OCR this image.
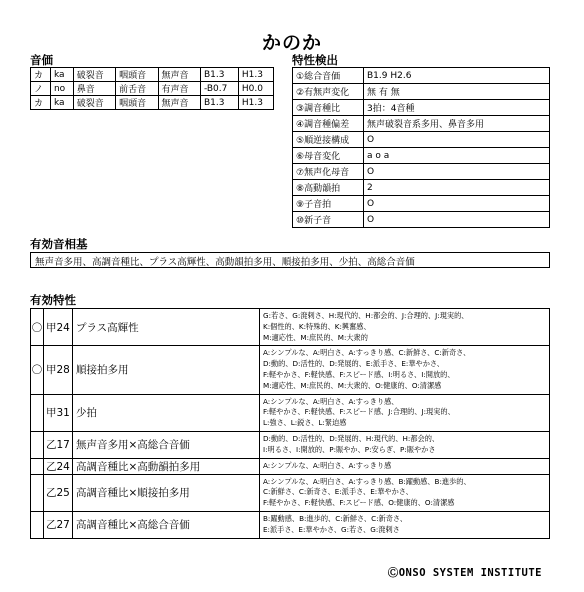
かのか
音価
カ	ka	破裂音	咽頭音	無声音	B1.3	H1.3
ノ	no	鼻音	前舌音	有声音	-B0.7	H0.0
カ	ka	破裂音	咽頭音	無声音	B1.3	H1.3
特性検出
①総合音価	B1.9 H2.6
②有無声変化	無 有 無
③調音種比	3拍：4音種
④調音種偏差	無声破裂音系多用、鼻音多用
⑤順逆接構成	O
⑥母音変化	a o a
⑦無声化母音	O
⑧高動韻拍	2
⑨子音拍	O
⑩新子音	O
有効音相基
無声音多用、高調音種比、プラス高輝性、高動韻拍多用、順接拍多用、少拍、高総合音価
有効特性
〇	甲24	プラス高輝性	G:若さ、G:溌剌さ、H:現代的、H:都会的、J:合理的、J:現実的、
K:個性的、K:特殊的、K:興奮感、
M:適応性、M:庶民的、M:大衆的

〇	甲28	順接拍多用	A:シンプルな、A:明白さ、A:すっきり感、C:新鮮さ、C:新奇さ、
D:動的、D:活性的、D:発展的、E:派手さ、E:華やかさ、
F:軽やかさ、F:軽快感、F:スピード感、I:明るさ、I:開放的、
M:適応性、M:庶民的、M:大衆的、O:健康的、O:清潔感

	甲31	少拍	A:シンプルな、A:明白さ、A:すっきり感、
F:軽やかさ、F:軽快感、F:スピード感、J:合理的、J:現実的、
L:強さ、L:鋭さ、L:緊迫感

	乙17	無声音多用×高総合音価	D:動的、D:活性的、D:発展的、H:現代的、H:都会的、
I:明るさ、I:開放的、P:賑やか、P:安らぎ、P:賑やかさ

	乙24	高調音種比×高動韻拍多用	A:シンプルな、A:明白さ、A:すっきり感

	乙25	高調音種比×順接拍多用	A:シンプルな、A:明白さ、A:すっきり感、B:躍動感、B:進歩的、
C:新鮮さ、C:新奇さ、E:派手さ、E:華やかさ、
F:軽やかさ、F:軽快感、F:スピード感、O:健康的、O:清潔感

	乙27	高調音種比×高総合音価	B:躍動感、B:進歩的、C:新鮮さ、C:新奇さ、
E:派手さ、E:華やかさ、G:若さ、G:溌剌さ
ⒸONSO SYSTEM INSTITUTE
